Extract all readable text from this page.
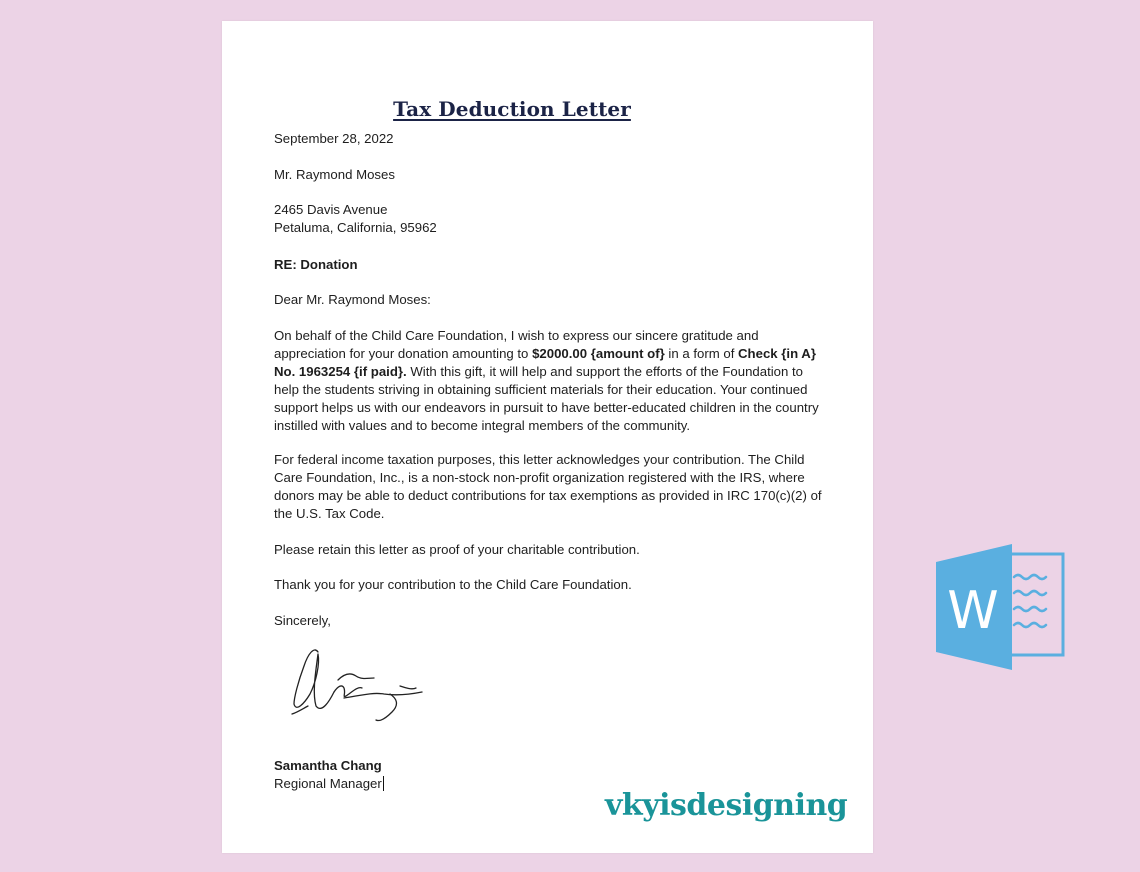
Tax Deduction Letter
September 28, 2022
Mr. Raymond Moses
2465 Davis Avenue
Petaluma, California, 95962
RE: Donation
Dear Mr. Raymond Moses:
On behalf of the Child Care Foundation, I wish to express our sincere gratitude and appreciation for your donation amounting to $2000.00 {amount of} in a form of Check {in A} No. 1963254 {if paid}. With this gift, it will help and support the efforts of the Foundation to help the students striving in obtaining sufficient materials for their education. Your continued support helps us with our endeavors in pursuit to have better-educated children in the country instilled with values and to become integral members of the community.
For federal income taxation purposes, this letter acknowledges your contribution. The Child Care Foundation, Inc., is a non-stock non-profit organization registered with the IRS, where donors may be able to deduct contributions for tax exemptions as provided in IRC 170(c)(2) of the U.S. Tax Code.
Please retain this letter as proof of your charitable contribution.
Thank you for your contribution to the Child Care Foundation.
Sincerely,
Samantha Chang
Regional Manager
vkyisdesigning
W
